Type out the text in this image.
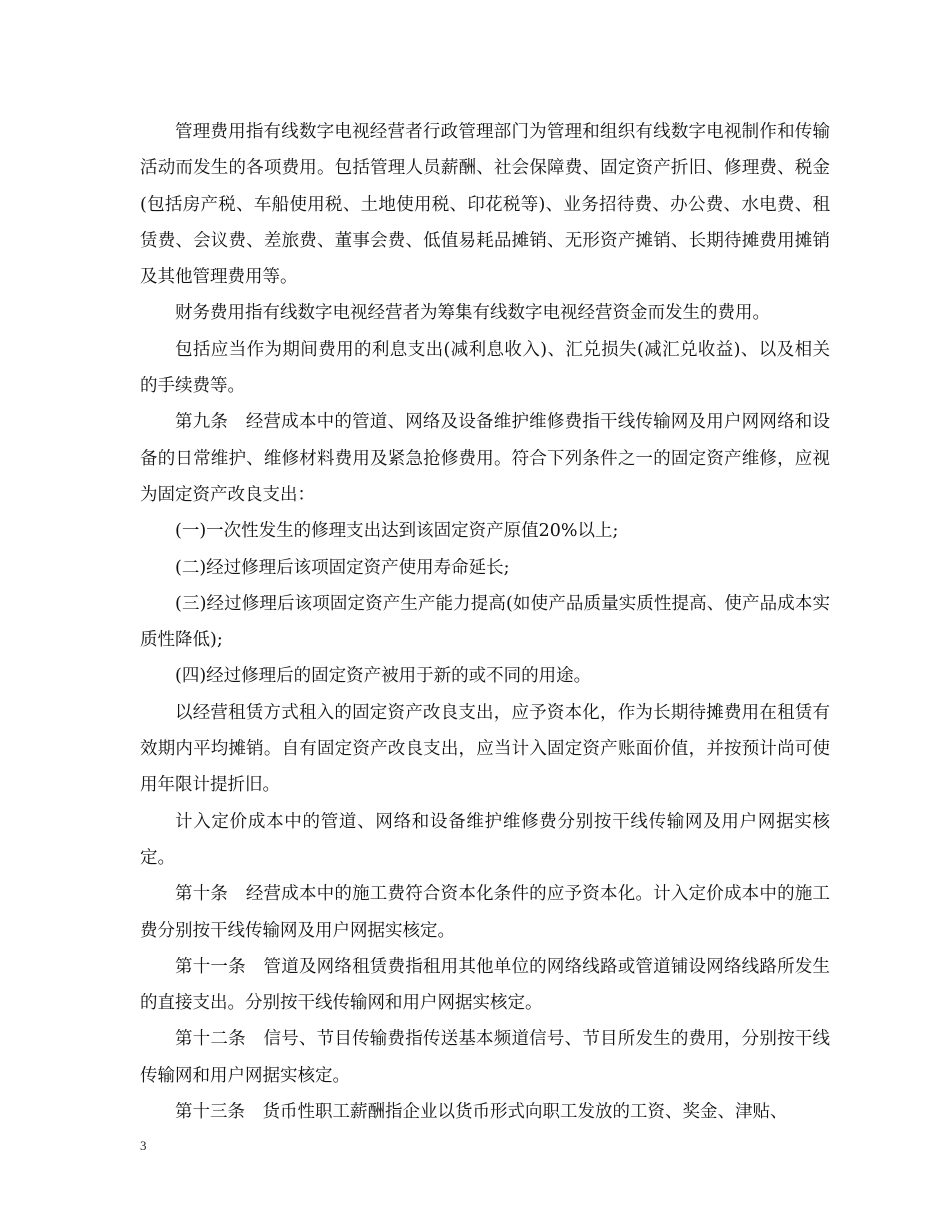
管理费用指有线数字电视经营者行政管理部门为管理和组织有线数字电视制作和传输活动而发生的各项费用。包括管理人员薪酬、社会保障费、固定资产折旧、修理费、税金(包括房产税、车船使用税、土地使用税、印花税等)、业务招待费、办公费、水电费、租赁费、会议费、差旅费、董事会费、低值易耗品摊销、无形资产摊销、长期待摊费用摊销及其他管理费用等。

财务费用指有线数字电视经营者为筹集有线数字电视经营资金而发生的费用。

包括应当作为期间费用的利息支出(减利息收入)、汇兑损失(减汇兑收益)、以及相关的手续费等。

第九条　经营成本中的管道、网络及设备维护维修费指干线传输网及用户网网络和设备的日常维护、维修材料费用及紧急抢修费用。符合下列条件之一的固定资产维修，应视为固定资产改良支出：

(一)一次性发生的修理支出达到该固定资产原值20%以上;

(二)经过修理后该项固定资产使用寿命延长;

(三)经过修理后该项固定资产生产能力提高(如使产品质量实质性提高、使产品成本实质性降低);

(四)经过修理后的固定资产被用于新的或不同的用途。

以经营租赁方式租入的固定资产改良支出，应予资本化，作为长期待摊费用在租赁有效期内平均摊销。自有固定资产改良支出，应当计入固定资产账面价值，并按预计尚可使用年限计提折旧。

计入定价成本中的管道、网络和设备维护维修费分别按干线传输网及用户网据实核定。

第十条　经营成本中的施工费符合资本化条件的应予资本化。计入定价成本中的施工费分别按干线传输网及用户网据实核定。

第十一条　管道及网络租赁费指租用其他单位的网络线路或管道铺设网络线路所发生的直接支出。分别按干线传输网和用户网据实核定。

第十二条　信号、节目传输费指传送基本频道信号、节目所发生的费用，分别按干线传输网和用户网据实核定。

第十三条　货币性职工薪酬指企业以货币形式向职工发放的工资、奖金、津贴、

3
